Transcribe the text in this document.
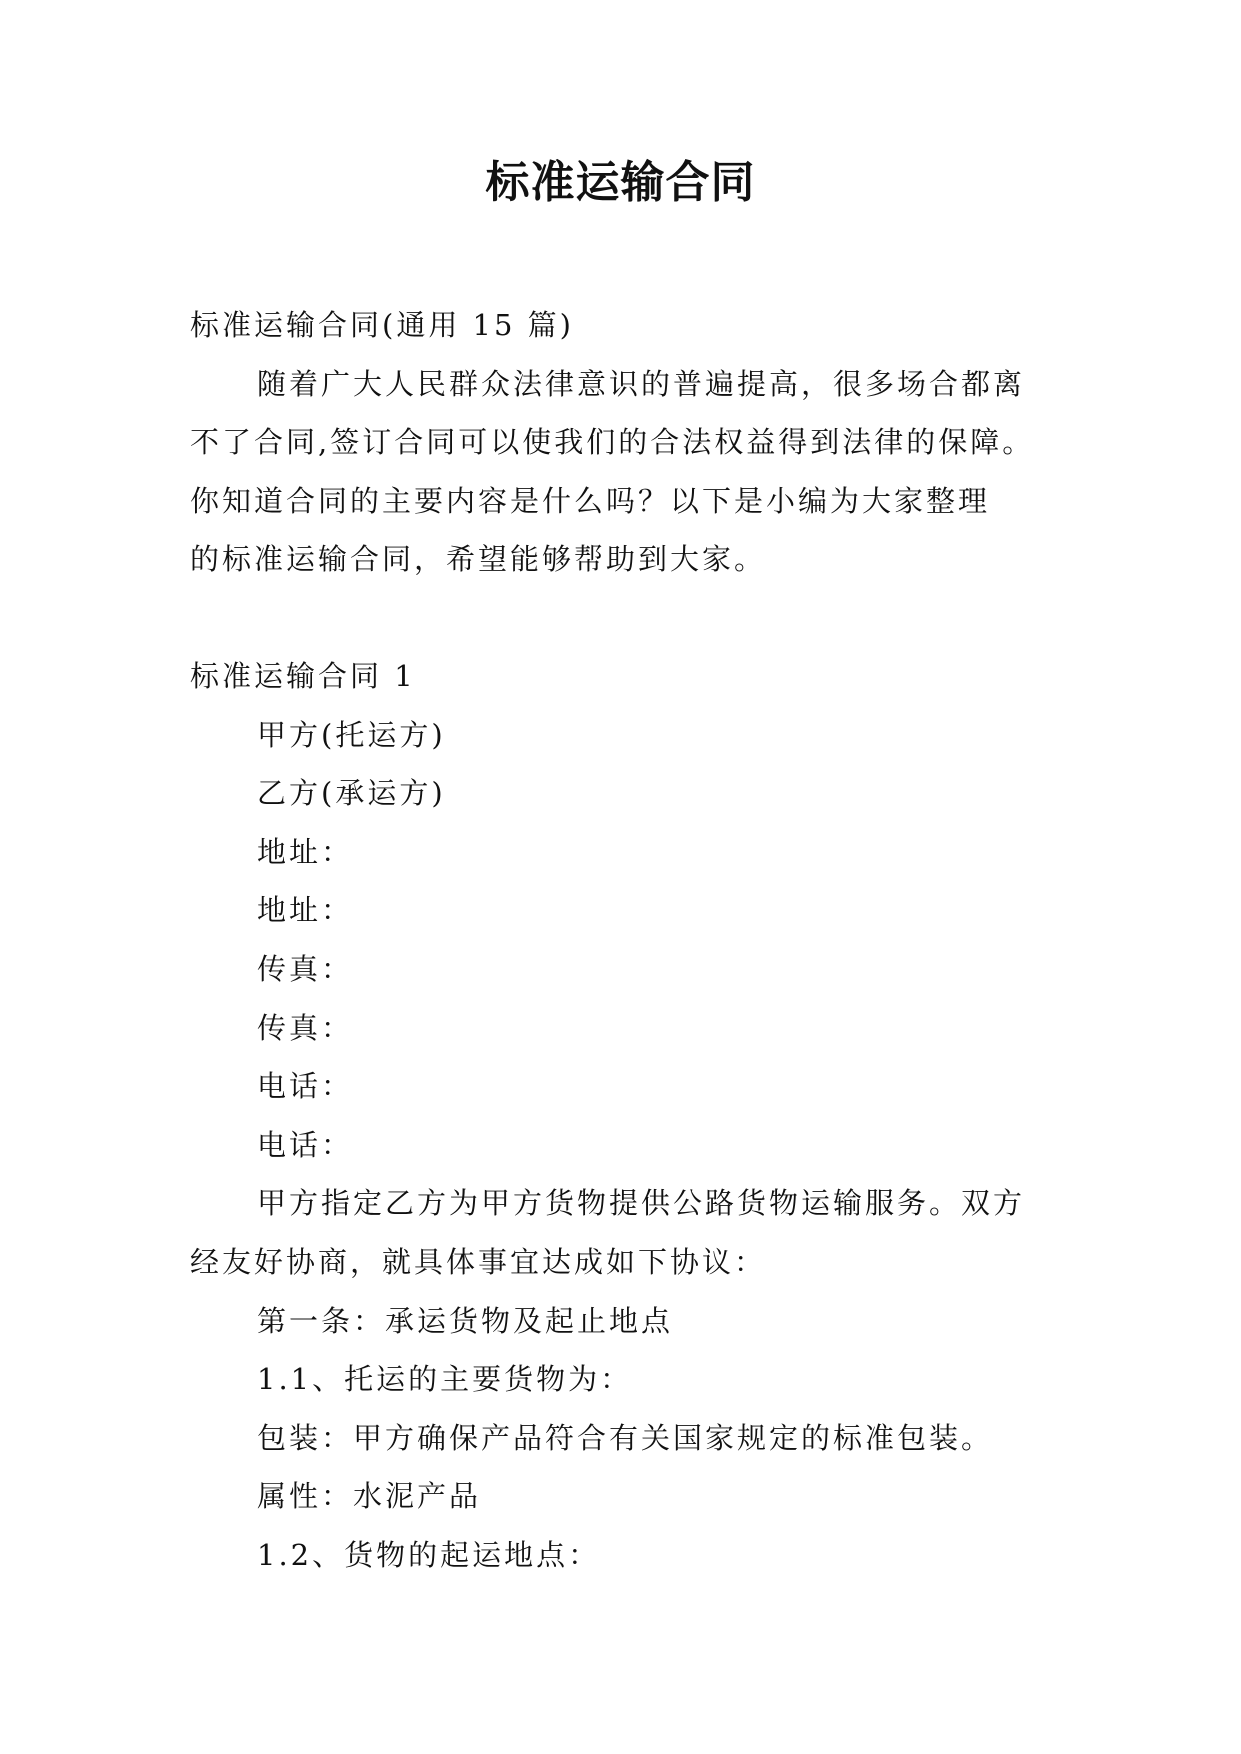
标准运输合同

标准运输合同(通用 15 篇)

随着广大人民群众法律意识的普遍提高，很多场合都离
不了合同,签订合同可以使我们的合法权益得到法律的保障。
你知道合同的主要内容是什么吗？以下是小编为大家整理
的标准运输合同，希望能够帮助到大家。

标准运输合同 1

甲方(托运方)

乙方(承运方)

地址：

地址：

传真：

传真：

电话：

电话：

甲方指定乙方为甲方货物提供公路货物运输服务。双方
经友好协商，就具体事宜达成如下协议：

第一条：承运货物及起止地点

1.1、托运的主要货物为：

包装：甲方确保产品符合有关国家规定的标准包装。

属性：水泥产品

1.2、货物的起运地点：
